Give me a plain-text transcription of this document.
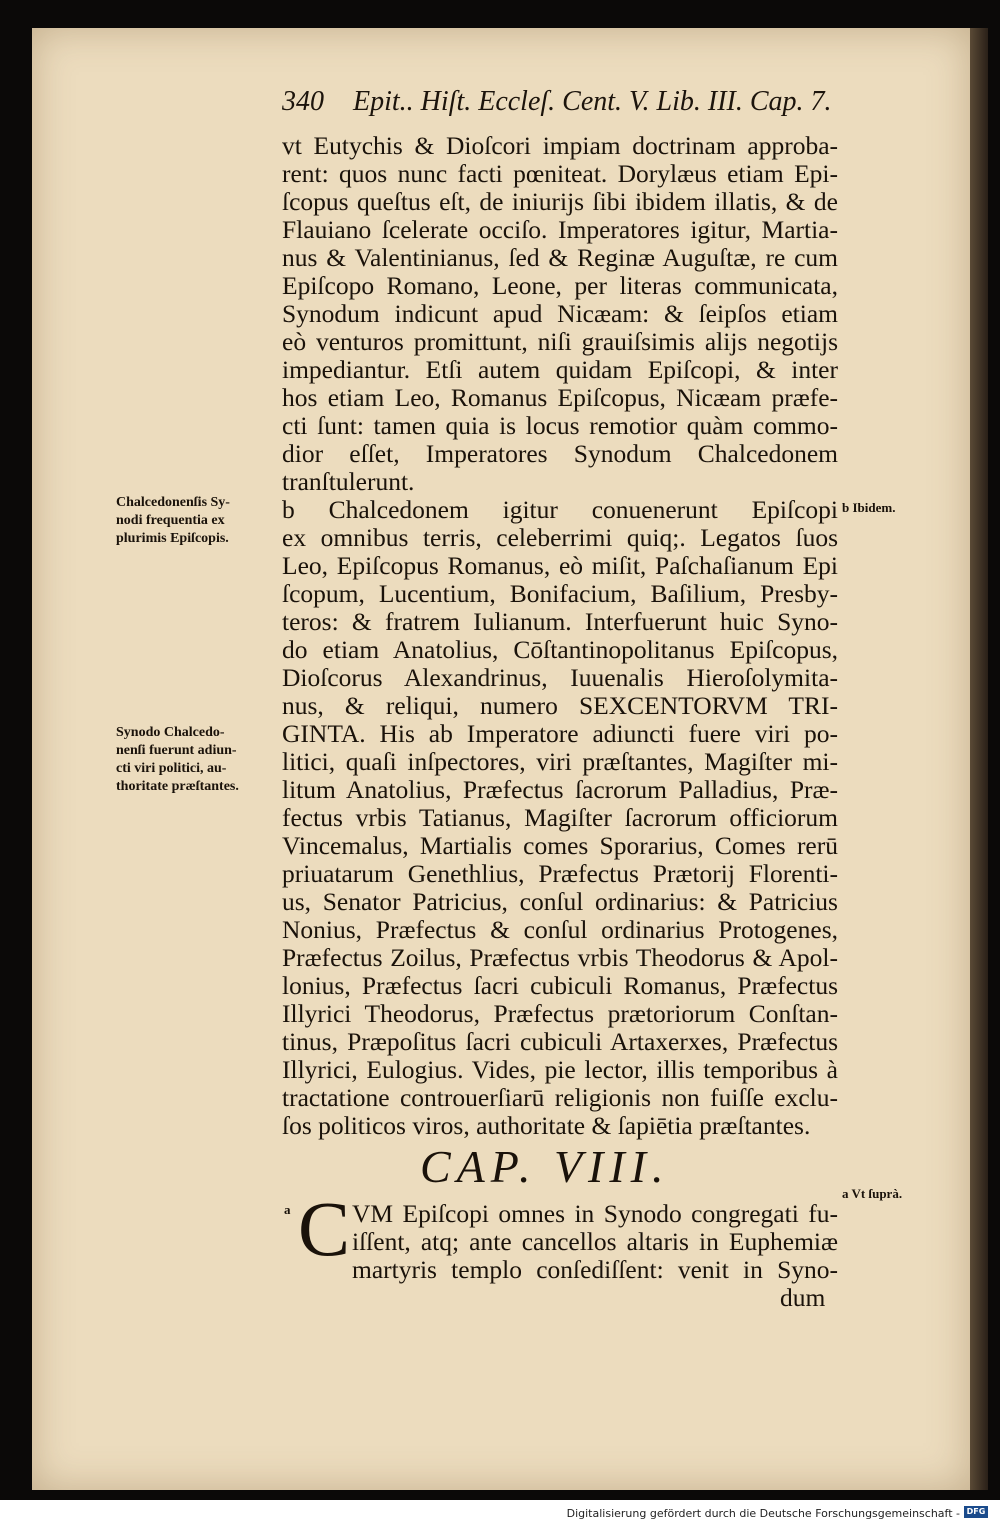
340 Epit.. Hiſt. Eccleſ. Cent. V. Lib. III. Cap. 7.
vt Eutychis & Dioſcori impiam doctrinam approba-
rent: quos nunc facti pœniteat. Dorylæus etiam Epi-
ſcopus queſtus eſt, de iniurijs ſibi ibidem illatis, & de
Flauiano ſcelerate occiſo. Imperatores igitur, Martia-
nus & Valentinianus, ſed & Reginæ Auguſtæ, re cum
Epiſcopo Romano, Leone, per literas communicata,
Synodum indicunt apud Nicæam: & ſeipſos etiam
eò venturos promittunt, niſi grauiſsimis alijs negotijs
impediantur. Etſi autem quidam Epiſcopi, & inter
hos etiam Leo, Romanus Epiſcopus, Nicæam præfe-
cti ſunt: tamen quia is locus remotior quàm commo-
dior eſſet, Imperatores Synodum Chalcedonem
tranſtulerunt.
b Chalcedonem igitur conuenerunt Epiſcopi
ex omnibus terris, celeberrimi quiq;. Legatos ſuos
Leo, Epiſcopus Romanus, eò miſit, Paſchaſianum Epi
ſcopum, Lucentium, Bonifacium, Baſilium, Presby-
teros: & fratrem Iulianum. Interfuerunt huic Syno-
do etiam Anatolius, Cōſtantinopolitanus Epiſcopus,
Dioſcorus Alexandrinus, Iuuenalis Hieroſolymita-
nus, & reliqui, numero SEXCENTORVM TRI-
GINTA. His ab Imperatore adiuncti fuere viri po-
litici, quaſi inſpectores, viri præſtantes, Magiſter mi-
litum Anatolius, Præfectus ſacrorum Palladius, Præ-
fectus vrbis Tatianus, Magiſter ſacrorum officiorum
Vincemalus, Martialis comes Sporarius, Comes rerū
priuatarum Genethlius, Præfectus Prætorij Florenti-
us, Senator Patricius, conſul ordinarius: & Patricius
Nonius, Præfectus & conſul ordinarius Protogenes,
Præfectus Zoilus, Præfectus vrbis Theodorus & Apol-
lonius, Præfectus ſacri cubiculi Romanus, Præfectus
Illyrici Theodorus, Præfectus prætoriorum Conſtan-
tinus, Præpoſitus ſacri cubiculi Artaxerxes, Præfectus
Illyrici, Eulogius. Vides, pie lector, illis temporibus à
tractatione controuerſiarū religionis non fuiſſe exclu-
ſos politicos viros, authoritate & ſapiētia præſtantes.
Chalcedonenſis Sy-
nodi frequentia ex
plurimis Epiſcopis.
Synodo Chalcedo-
nenſi fuerunt adiun-
cti viri politici, au-
thoritate præſtantes.
b Ibidem.
a Vt ſuprà.
CAP. VIII.
a C VM Epiſcopi omnes in Synodo congregati fu-
iſſent, atq; ante cancellos altaris in Euphemiæ
martyris templo conſediſſent: venit in Syno-
dum
Digitalisierung gefördert durch die Deutsche Forschungsgemeinschaft - DFG
